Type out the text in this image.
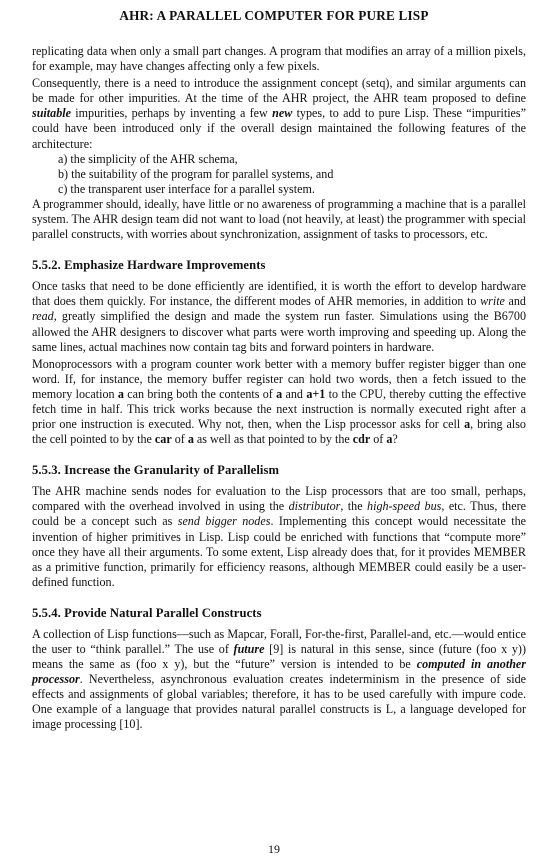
AHR: A PARALLEL COMPUTER FOR PURE LISP

replicating data when only a small part changes. A program that modifies an array of a million pixels, for example, may have changes affecting only a few pixels.

Consequently, there is a need to introduce the assignment concept (setq), and similar arguments can be made for other impurities. At the time of the AHR project, the AHR team proposed to define suitable impurities, perhaps by inventing a few new types, to add to pure Lisp. These “impurities” could have been introduced only if the overall design maintained the following features of the architecture:

a) the simplicity of the AHR schema,
b) the suitability of the program for parallel systems, and
c) the transparent user interface for a parallel system.

A programmer should, ideally, have little or no awareness of programming a machine that is a parallel system. The AHR design team did not want to load (not heavily, at least) the programmer with special parallel constructs, with worries about synchronization, assignment of tasks to processors, etc.

5.5.2. Emphasize Hardware Improvements

Once tasks that need to be done efficiently are identified, it is worth the effort to develop hardware that does them quickly. For instance, the different modes of AHR memories, in addition to write and read, greatly simplified the design and made the system run faster. Simulations using the B6700 allowed the AHR designers to discover what parts were worth improving and speeding up. Along the same lines, actual machines now contain tag bits and forward pointers in hardware.

Monoprocessors with a program counter work better with a memory buffer register bigger than one word. If, for instance, the memory buffer register can hold two words, then a fetch issued to the memory location a can bring both the contents of a and a+1 to the CPU, thereby cutting the effective fetch time in half. This trick works because the next instruction is normally executed right after a prior one instruction is executed. Why not, then, when the Lisp processor asks for cell a, bring also the cell pointed to by the car of a as well as that pointed to by the cdr of a?

5.5.3. Increase the Granularity of Parallelism

The AHR machine sends nodes for evaluation to the Lisp processors that are too small, perhaps, compared with the overhead involved in using the distributor, the high-speed bus, etc. Thus, there could be a concept such as send bigger nodes. Implementing this concept would necessitate the invention of higher primitives in Lisp. Lisp could be enriched with functions that “compute more” once they have all their arguments. To some extent, Lisp already does that, for it provides MEMBER as a primitive function, primarily for efficiency reasons, although MEMBER could easily be a user-defined function.

5.5.4. Provide Natural Parallel Constructs

A collection of Lisp functions—such as Mapcar, Forall, For-the-first, Parallel-and, etc.—would entice the user to “think parallel.” The use of future [9] is natural in this sense, since (future (foo x y)) means the same as (foo x y), but the “future” version is intended to be computed in another processor. Nevertheless, asynchronous evaluation creates indeterminism in the presence of side effects and assignments of global variables; therefore, it has to be used carefully with impure code. One example of a language that provides natural parallel constructs is L, a language developed for image processing [10].

19
